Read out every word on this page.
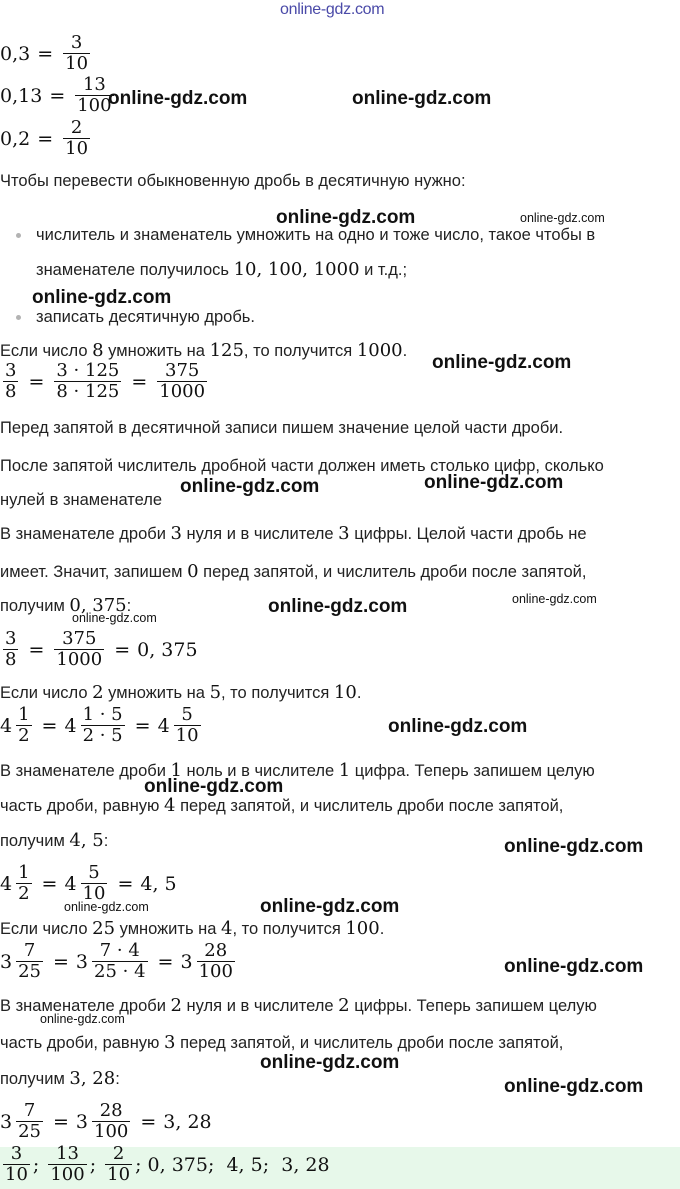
online-gdz.com
$0,3 = \frac{3}{10}$
$0,13 = \frac{13}{100}$
$0,2 = \frac{2}{10}$
Чтобы перевести обыкновенную дробь в десятичную нужно:
числитель и знаменатель умножить на одно и тоже число, такое чтобы в
знаменателе получилось 10, 100, 1000 и т.д.;
записать десятичную дробь.
Если число 8 умножить на 125, то получится 1000.
$\frac{3}{8} = \frac{3 \cdot 125}{8 \cdot 125} = \frac{375}{1000}$
Перед запятой в десятичной записи пишем значение целой части дроби.
После запятой числитель дробной части должен иметь столько цифр, сколько
нулей в знаменателе
В знаменателе дроби 3 нуля и в числителе 3 цифры. Целой части дробь не
имеет. Значит, запишем 0 перед запятой, и числитель дроби после запятой,
получим 0, 375:
$\frac{3}{8} = \frac{375}{1000} = 0$, 375
Если число 2 умножить на 5, то получится 10.
$4 \frac{1}{2} = 4 \frac{1 \cdot 5}{2 \cdot 5} = 4 \frac{5}{10}$
В знаменателе дроби 1 ноль и в числителе 1 цифра. Теперь запишем целую
часть дроби, равную 4 перед запятой, и числитель дроби после запятой,
получим 4, 5:
$4 \frac{1}{2} = 4 \frac{5}{10} = 4$, 5
Если число 25 умножить на 4, то получится 100.
$3 \frac{7}{25} = 3 \frac{7 \cdot 4}{25 \cdot 4} = 3 \frac{28}{100}$
В знаменателе дроби 2 нуля и в числителе 2 цифры. Теперь запишем целую
часть дроби, равную 3 перед запятой, и числитель дроби после запятой,
получим 3, 28:
$3 \frac{7}{25} = 3 \frac{28}{100} = 3$, 28
$\frac{3}{10}$ ;
$\frac{13}{100}$ ;
$\frac{2}{10}$ ;
0, 375 ;
4, 5 ;
3, 28
online-gdz.com	online-gdz.com
online-gdz.com	online-gdz.com
online-gdz.com
online-gdz.com
online-gdz.com	online-gdz.com
online-gdz.com	online-gdz.com
online-gdz.com
online-gdz.com
online-gdz.com
online-gdz.com
online-gdz.com	online-gdz.com
online-gdz.com
online-gdz.com
online-gdz.com
online-gdz.com
